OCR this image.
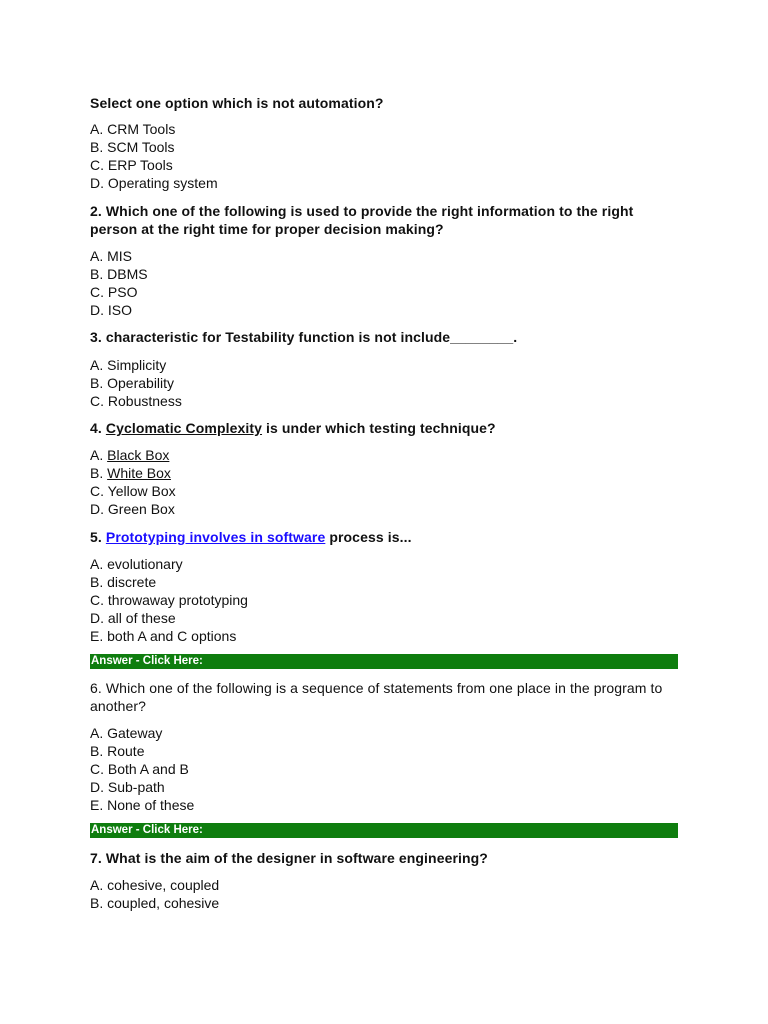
Select one option which is not automation?
A. CRM Tools
B. SCM Tools
C. ERP Tools
D. Operating system
2. Which one of the following is used to provide the right information to the right person at the right time for proper decision making?
A. MIS
B. DBMS
C. PSO
D. ISO
3. characteristic for Testability function is not include________.
A. Simplicity
B. Operability
C. Robustness
4. Cyclomatic Complexity is under which testing technique?
A. Black Box
B. White Box
C. Yellow Box
D. Green Box
5. Prototyping involves in software process is...
A. evolutionary
B. discrete
C. throwaway prototyping
D. all of these
E. both A and C options
Answer - Click Here:
6. Which one of the following is a sequence of statements from one place in the program to another?
A. Gateway
B. Route
C. Both A and B
D. Sub-path
E. None of these
Answer - Click Here:
7. What is the aim of the designer in software engineering?
A. cohesive, coupled
B. coupled, cohesive
